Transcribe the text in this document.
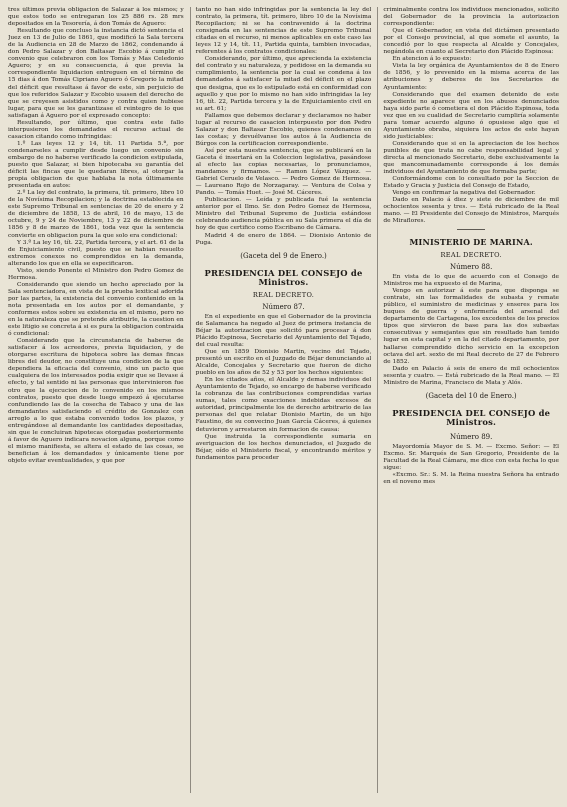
tres últimos previa obligacion de Salazar á los mismos; y que estos todo se entregaran los 25 886 rs. 28 mrs depositados en la Tesorería, á don Tomás de Aguero:

Resultando que concluso la instancia dictó sentencia el Juez en 13 de Julio de 1861, que modificó la Sala tercera de la Audiencia en 28 de Marzo de 1862, condenando á don Pedro Salazar y don Baltasar Escobio á cumplir el convenio que celebraron con los Tomás y Mas Celedonio Aguero; y en su consecuencia, á que previa la correspondiente liquidacion entreguen en el término de 15 dias á don Tomás Cipriano Aguero ó Gregorio la mitad del déficit que resultase á favor de este, sin perjuicio de que los referidos Salazar y Escobio usasen del derecho de que se creyesen asistidos como y contra quien hubiese lugar, para que se les garantizase el reintegro de lo que satisfagan á Aguero por el expresado concepto:

Resultando, por último, que contra este fallo interpusieron los demandados el recurso actual de casacion citando como infringidas:

1.º Las leyes 12 y 14, tít. 11 Partida 5.ª, por condenarseles a cumplir desde luego un convenio sin embargo de no haberse verificado la condicion estipulada, puesto que Salazar, si bien hipotecaba su garantía del déficit las fincas que le quedaran libres, al otorgar la propia obligacion de que hablaba la nota últimamente presentada en autos:

2.º La ley del contrato, la primera, tít. primero, libro 10 de la Novísima Recopilacion; y la doctrina establecida en este Supremo Tribunal en sentencias de 20 de enero y 2 de diciembre de 1858, 13 de abril, 16 de mayo, 13 de octubre, 9 y 24 de Noviembre, 13 y 22 de diciembre de 1856 y 8 de marzo de 1861, toda vez que la sentencia convierte en obligacion pura la que solo era condicional:

Y 3.º La ley 16, tít. 22, Partida tercera, y el art. 61 de la de Enjuiciamiento civil, puesto que se habian resuelto extremos conexos no comprendidos en la demanda, alterando los que en ella se especificaron.

Visto, siendo Ponente el Ministro don Pedro Gomez de Hermosa.

Considerando que siendo un hecho apreciado por la Sala sentenciadora, en vista de la prueba lexitical adorida por las partes, la existencia del convenio contenido en la nota presentada en los autos por el demandante, y conformes estos sobre su existencia en el mismo, pero no en la naturaleza que se pretende atribuirle, la cuestion en este litigio se concreta á si es pura la obligacion contraida ó condicional:

Considerando que la circunstancia de haberse de satisfacer á los acreedores, previa liquidacion, y de otorgarse escritura de hipoteca sobre las demas fincas libres del deudor, no constituye una condicion de la que dependiera la eficacia del convenio, sino un pacto que cualquiera de los interesados podia exigir que se llevase á efecto, y tal sentido ni las personas que intervinieron fue otro que la ejecucion de lo convenido en los mismos contratos, puesto que desde luego empezó á ejecutarse confundiendo las de la cosecha de Tabaco y una de las demandantes satisfaciendo el crédito de Gonzalez con arreglo a lo que estaba convenido todos los plazos, y entregándose al demandante los cantidades depositadas, sin que le concluiran hipotecas otorgadas posteriormente á favor de Aguero indicara novacion alguna, porque como el mismo manifiesta, se altera el estado de las cosas, se benefician á los demandados y únicamente tiene por objeto evitar eventualidades, y que por

tanto no han sido infringidas por la sentencia la ley del contrato, la primera, tít. primero, libro 10 de la Novísima Recopilacion; ni se ha contravenido á la doctrina consignada en las sentencias de este Supremo Tribunal citadas en el recurso, ni menos aplicables en este caso las leyes 12 y 14, tít. 11, Partida quinta, tambien invocadas, referentes á los contratos condicionales:

Considerando, por último, que aprecienda la existencia del contrato y su naturaleza, y pedidose en la demanda su cumplimiento, la sentencia por la cual se condena á los demandados á satisfacer la mitad del déficit en el plazo que designa, que es lo estipulado está en conformidad con aquello y que por lo mismo no han sido infringidas la ley 16, tít. 22, Partida tercera y la de Enjuiciamiento civil en su art. 61;

Fallamos que debemos declarar y declaramos no haber lugar al recurso de casacion interpuesto por don Pedro Salazar y don Baltasar Escobio, quienes condenamos en las costas; y devuélvanse los autos á la Audiencia de Búrgos con la certificacion correspondiente.

Así por esta nuestra sentencia, que se publicará en la Gaceta é insertará en la Coleccion legislativa, pasándose al efecto las copias necesarias, lo pronunciamos, mandamos y firmamos. — Ramon López Vázquez. — Gabriel Ceruelo de Velasco. — Pedro Gomez de Hermosa. — Laureano Rojo de Norzagaray. — Ventura de Colsa y Pando. — Tomás Huet. — José M. Cáceres.

Publicacion. — Leída y publicada fué la sentencia anterior por el Ilmo. Sr. don Pedro Gomez de Hermosa, Ministro del Tribunal Supremo de Justicia estándose celebrando audiencia pública en su Sala primera el día de hoy de que certifico como Escribano de Cámara.

Madrid 4 de enero de 1864. — Dionisio Antonio de Puga.

(Gaceta del 9 de Enero.)
PRESIDENCIA DEL CONSEJO de Ministros.
REAL DECRETO.
Número 87.

En el expediente en que el Gobernador de la provincia de Salamanca ha negado al Juez de primera instancia de Béjar la autorizacion que solicitó para procesar á don Plácido Espinosa, Secretario del Ayuntamiento del Tejado, del cual resulta:

Que en 1859 Dionisio Martin, vecino del Tejado, presentó un escrito en el Juzgado de Béjar denunciando al Alcalde, Concejales y Secretario que fueron de dicho pueblo en los años de 52 y 53 por los hechos siguientes:

En los citados años, el Alcalde y demas individuos del Ayuntamiento de Tejado, so encargo de haberse verificado la cobranza de las contribuciones comprendidas varias sumas, tales como exacciones indebidas excesos de autoridad, principalmente los de derecho arbitrario de las personas del que relatar Dionisio Martin, de un hijo Faustino, de su convecino Juan García Cáceres, á quienes detuvieron y arrestaron sin formacion de causa:

Que instruida la correspondiente sumaria en averiguacion de los hechos denunciados, el Juzgado de Béjar, oído el Ministerio fiscal, y encontrando méritos y fundamentos para proceder

criminalmente contra los individuos mencionados, solicitó del Gobernador de la provincia la autorizacion correspondiente:

Que el Gobernador, en vista del dictámen presentado por el Consejo provincial, al que somete el asunto, la concedió por lo que respecta al Alcalde y Concejales, negándola en cuanto al Secretario don Plácido Espinosa:

En atencion á lo expuesto:

Vista la ley orgánica de Ayuntamientos de 8 de Enero de 1856, y lo prevenido en la misma acerca de las atribuciones y deberes de los Secretarios de Ayuntamiento:

Considerando que del examen detenido de este expediente no aparece que en los abusos denunciados haya sido parte ó cometiera el don Plácido Espinosa, toda vez que en su cualidad de Secretario cumpliría solamente para tomar acuerdo alguno ó opusiese algo que el Ayuntamiento obraba, siquiera los actos de este hayan sido justiciables:

Considerando que si en la apreciacion de los hechos punibles de que trata no cabe responsabilidad legal y directa al mencionado Secretario, debe exclusivamente la que mancomunadamente corresponde á los demás individuos del Ayuntamiento de que formaba parte;

Conformándome con lo consultado por la Seccion de Estado y Gracia y Justicia del Consejo de Estado,

Vengo en confirmar la negativa del Gobernador.

Dado en Palacio á diez y siete de diciembre de mil ochocientos sesenta y tres. — Está rubricado de la Real mano. — El Presidente del Consejo de Ministros, Marqués de Miraflores.

MINISTERIO DE MARINA.
REAL DECRETO.
Número 88.

En vista de lo que de acuerdo con el Consejo de Ministros me ha expuesto el de Marina,

Vengo en autorizar á este para que disponga se contrate, sin las formalidades de subasta y remate público, el suministro de medicinas y enseres para los buques de guerra y enfermería del arsenal del departamento de Cartagena, los excedentes de los precios tipos que sirvieron de base para las dos subastas consecutivas y semejantes que sin resultado han tenido lugar en esta capital y en la del citado departamento, por hallarse comprendido dicho servicio en la excepcion octava del art. sexto de mi Real decreto de 27 de Febrero de 1852.

Dado en Palacio á seis de enero de mil ochocientos sesenta y cuatro. — Está rubricado de la Real mano. — El Ministro de Marina, Francisco de Mata y Alós.

(Gaceta del 10 de Enero.)
PRESIDENCIA DEL CONSEJO de Ministros.
Número 89.

Mayordomía Mayor de S. M. — Excmo. Señor: — El Excmo. Sr. Marqués de San Gregorio, Presidente de la Facultad de la Real Cámara, me dice con esta fecha lo que sigue:

«Excmo. Sr.: S. M. la Reina nuestra Señora ha entrado en el noveno mes
